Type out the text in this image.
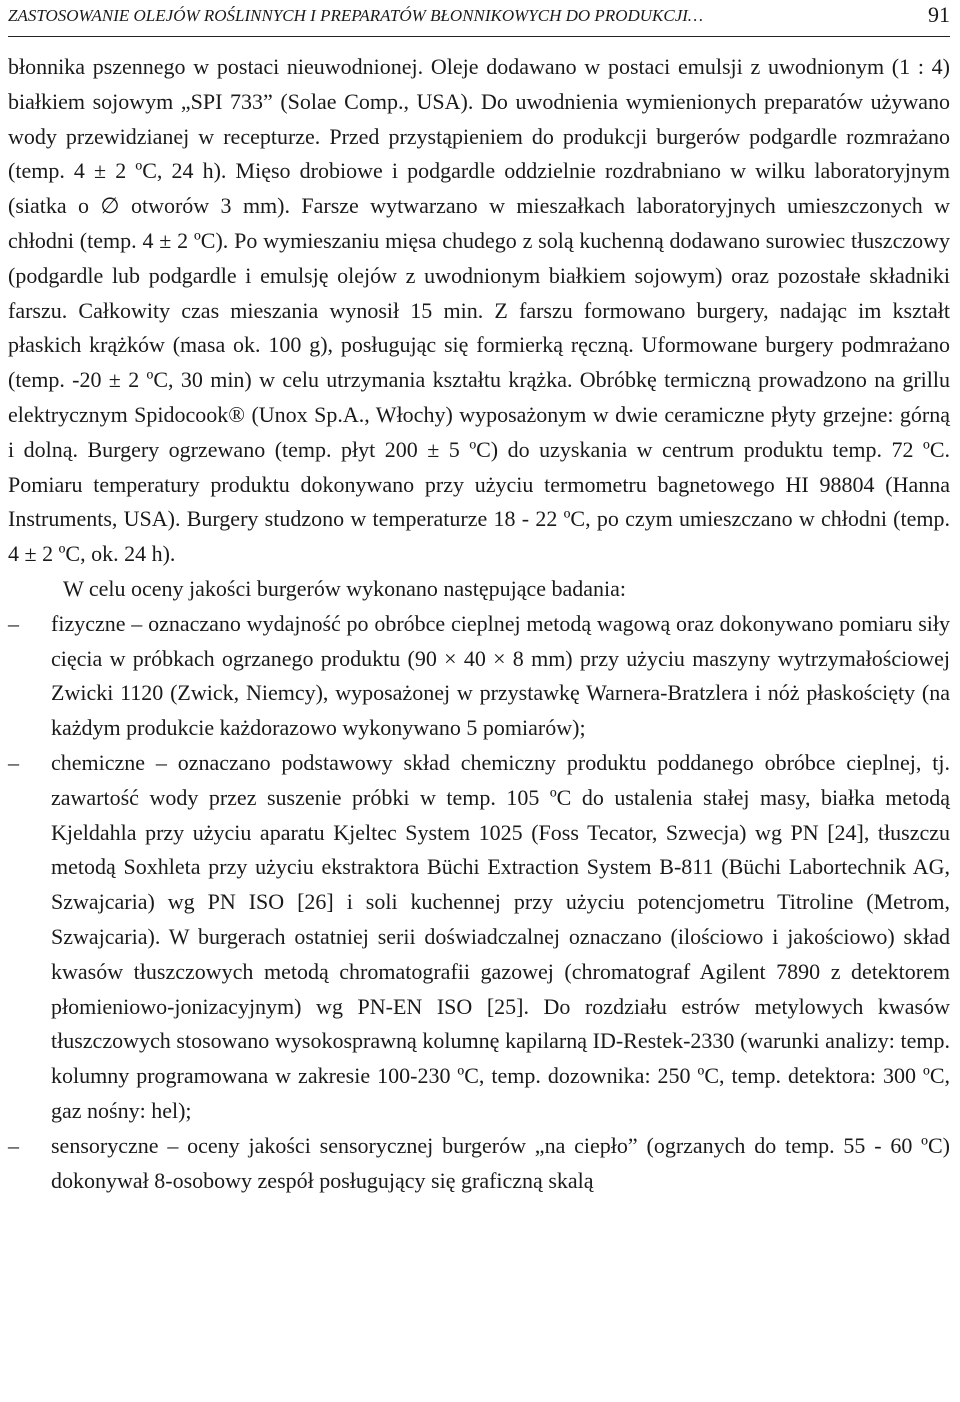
ZASTOSOWANIE OLEJÓW ROŚLINNYCH I PREPARATÓW BŁONNIKOWYCH DO PRODUKCJI…	91

błonnika pszennego w postaci nieuwodnionej. Oleje dodawano w postaci emulsji z uwodnionym (1 : 4) białkiem sojowym „SPI 733” (Solae Comp., USA). Do uwodnienia wymienionych preparatów używano wody przewidzianej w recepturze. Przed przystąpieniem do produkcji burgerów podgardle rozmrażano (temp. 4 ± 2 ºC, 24 h). Mięso drobiowe i podgardle oddzielnie rozdrabniano w wilku laboratoryjnym (siatka o ∅ otworów 3 mm). Farsze wytwarzano w mieszałkach laboratoryjnych umieszczonych w chłodni (temp. 4 ± 2 ºC). Po wymieszaniu mięsa chudego z solą kuchenną dodawano surowiec tłuszczowy (podgardle lub podgardle i emulsję olejów z uwodnionym białkiem sojowym) oraz pozostałe składniki farszu. Całkowity czas mieszania wynosił 15 min. Z farszu formowano burgery, nadając im kształt płaskich krążków (masa ok. 100 g), posługując się formierką ręczną. Uformowane burgery podmrażano (temp. -20 ± 2 ºC, 30 min) w celu utrzymania kształtu krążka. Obróbkę termiczną prowadzono na grillu elektrycznym Spidocook® (Unox Sp.A., Włochy) wyposażonym w dwie ceramiczne płyty grzejne: górną i dolną. Burgery ogrzewano (temp. płyt 200 ± 5 ºC) do uzyskania w centrum produktu temp. 72 ºC. Pomiaru temperatury produktu dokonywano przy użyciu termometru bagnetowego HI 98804 (Hanna Instruments, USA). Burgery studzono w temperaturze 18 - 22 ºC, po czym umieszczano w chłodni (temp. 4 ± 2 ºC, ok. 24 h).

W celu oceny jakości burgerów wykonano następujące badania:

– fizyczne – oznaczano wydajność po obróbce cieplnej metodą wagową oraz dokonywano pomiaru siły cięcia w próbkach ogrzanego produktu (90 × 40 × 8 mm) przy użyciu maszyny wytrzymałościowej Zwicki 1120 (Zwick, Niemcy), wyposażonej w przystawkę Warnera-Bratzlera i nóż płaskościęty (na każdym produkcie każdorazowo wykonywano 5 pomiarów);
– chemiczne – oznaczano podstawowy skład chemiczny produktu poddanego obróbce cieplnej, tj. zawartość wody przez suszenie próbki w temp. 105 ºC do ustalenia stałej masy, białka metodą Kjeldahla przy użyciu aparatu Kjeltec System 1025 (Foss Tecator, Szwecja) wg PN [24], tłuszczu metodą Soxhleta przy użyciu ekstraktora Büchi Extraction System B-811 (Büchi Labortechnik AG, Szwajcaria) wg PN ISO [26] i soli kuchennej przy użyciu potencjometru Titroline (Metrom, Szwajcaria). W burgerach ostatniej serii doświadczalnej oznaczano (ilościowo i jakościowo) skład kwasów tłuszczowych metodą chromatografii gazowej (chromatograf Agilent 7890 z detektorem płomieniowo-jonizacyjnym) wg PN-EN ISO [25]. Do rozdziału estrów metylowych kwasów tłuszczowych stosowano wysokosprawną kolumnę kapilarną ID-Restek-2330 (warunki analizy: temp. kolumny programowana w zakresie 100-230 ºC, temp. dozownika: 250 ºC, temp. detektora: 300 ºC, gaz nośny: hel);
– sensoryczne – oceny jakości sensorycznej burgerów „na ciepło” (ogrzanych do temp. 55 - 60 ºC) dokonywał 8-osobowy zespół posługujący się graficzną skalą
